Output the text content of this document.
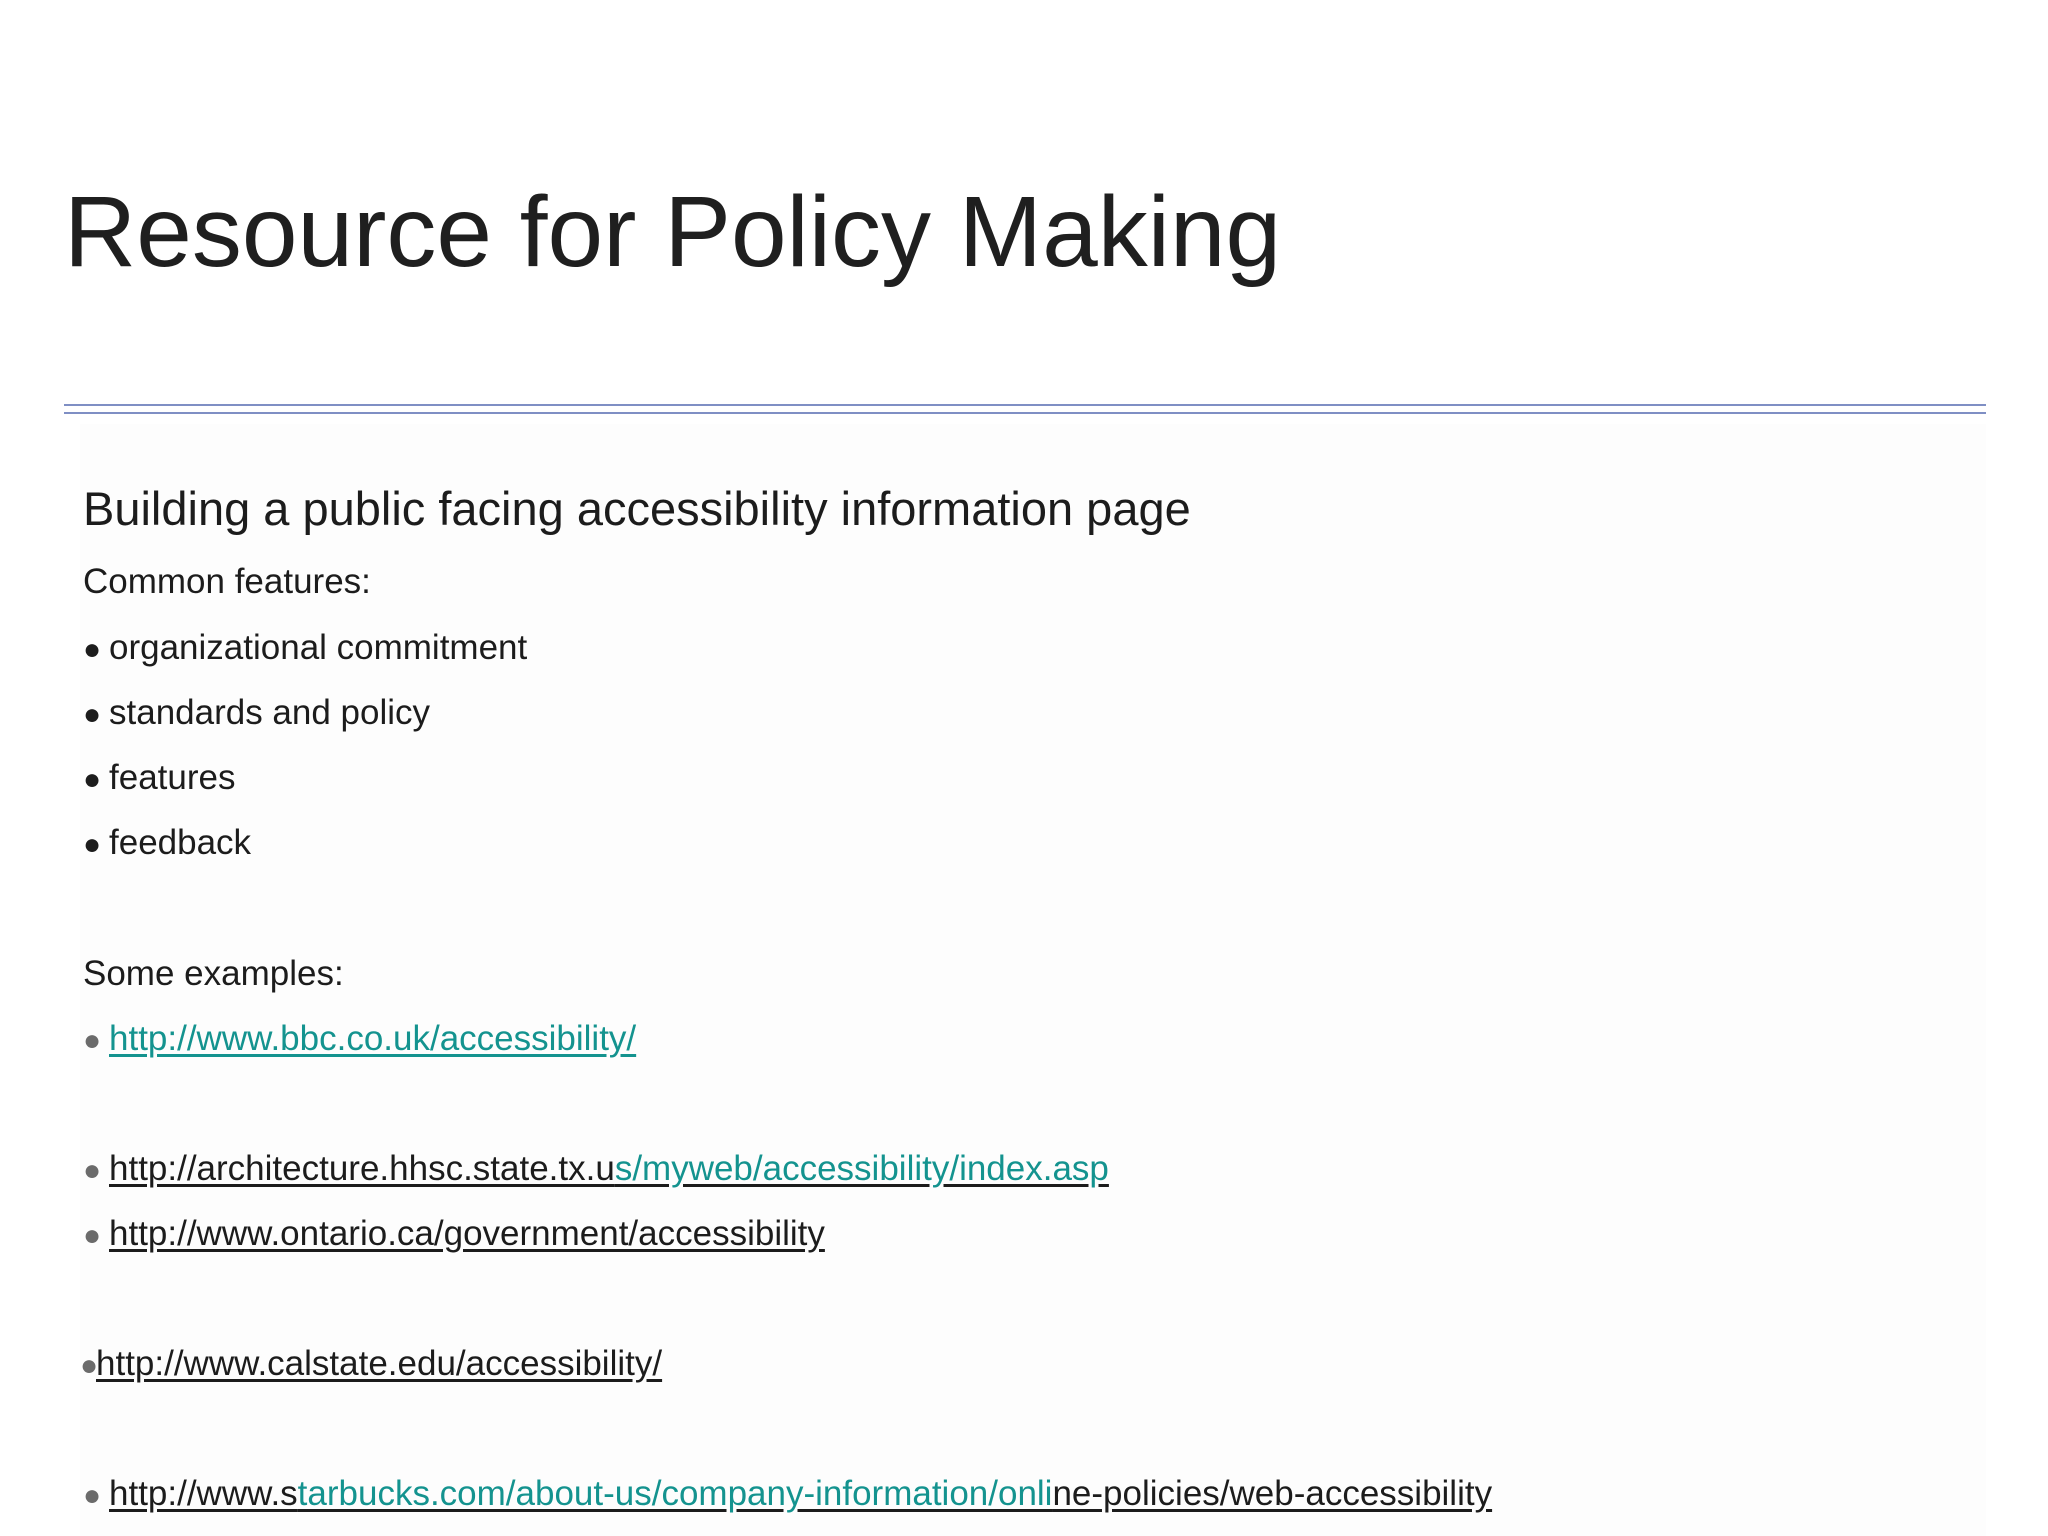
Resource for Policy Making
Building a public facing accessibility information page
Common features:
● organizational commitment
● standards and policy
● features
● feedback
Some examples:
● http://www.bbc.co.uk/accessibility/
● http://architecture.hhsc.state.tx.us/myweb/accessibility/index.asp
● http://www.ontario.ca/government/accessibility
●http://www.calstate.edu/accessibility/
● http://www.starbucks.com/about-us/company-information/online-policies/web-accessibility
